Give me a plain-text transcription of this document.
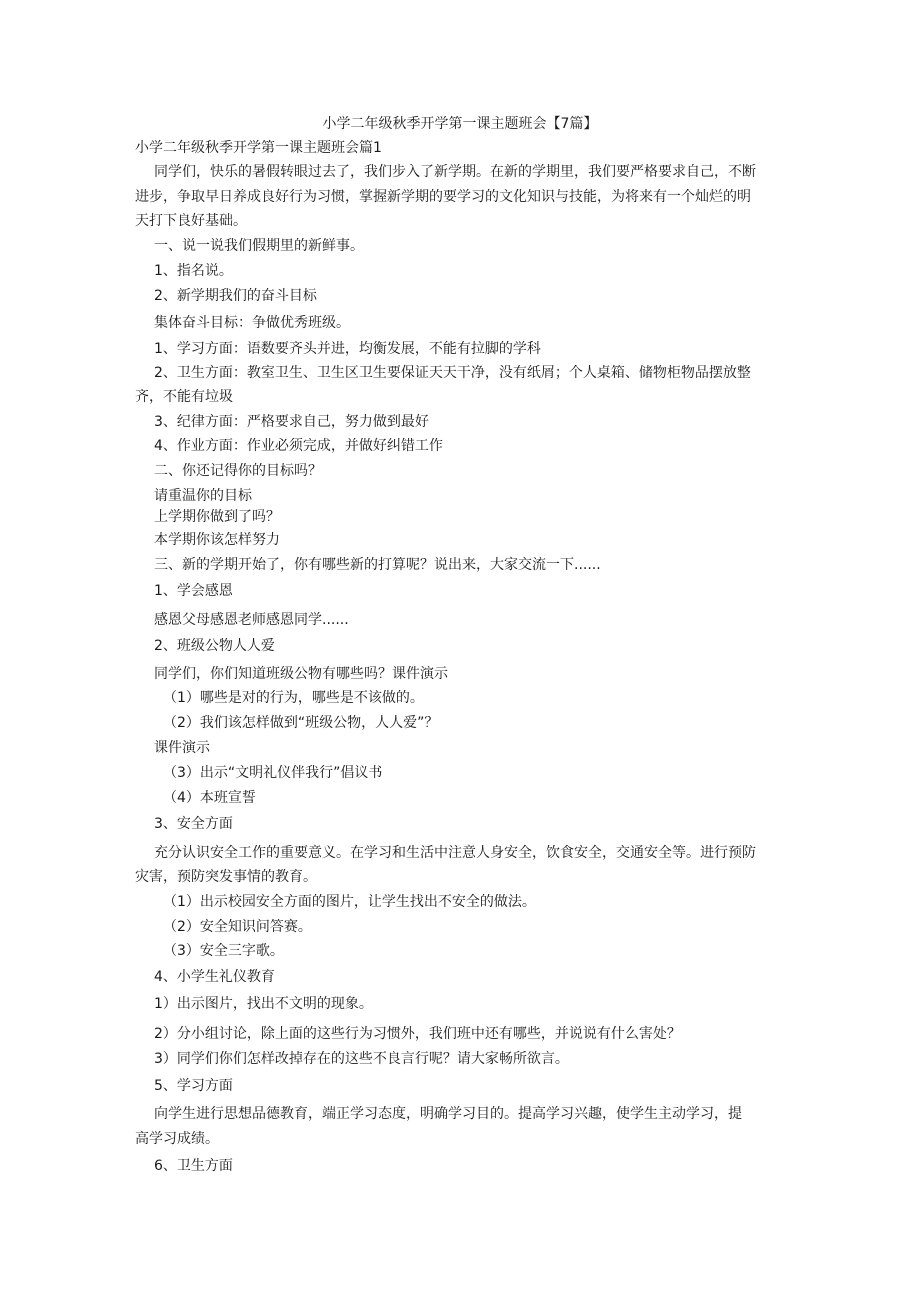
小学二年级秋季开学第一课主题班会【7篇】
小学二年级秋季开学第一课主题班会篇1
同学们，快乐的暑假转眼过去了，我们步入了新学期。在新的学期里，我们要严格要求自己，不断
进步，争取早日养成良好行为习惯，掌握新学期的要学习的文化知识与技能，为将来有一个灿烂的明
天打下良好基础。
一、说一说我们假期里的新鲜事。
1、指名说。
2、新学期我们的奋斗目标
集体奋斗目标：争做优秀班级。
1、学习方面：语数要齐头并进，均衡发展，不能有拉脚的学科
2、卫生方面：教室卫生、卫生区卫生要保证天天干净，没有纸屑；个人桌箱、储物柜物品摆放整
齐，不能有垃圾
3、纪律方面：严格要求自己，努力做到最好
4、作业方面：作业必须完成，并做好纠错工作
二、你还记得你的目标吗？
请重温你的目标
上学期你做到了吗？
本学期你该怎样努力
三、新的学期开始了，你有哪些新的打算呢？说出来，大家交流一下......
1、学会感恩
感恩父母感恩老师感恩同学......
2、班级公物人人爱
同学们，你们知道班级公物有哪些吗？课件演示
（1）哪些是对的行为，哪些是不该做的。
（2）我们该怎样做到“班级公物，人人爱”？
课件演示
（3）出示“文明礼仪伴我行”倡议书
（4）本班宣誓
3、安全方面
充分认识安全工作的重要意义。在学习和生活中注意人身安全，饮食安全，交通安全等。进行预防
灾害，预防突发事情的教育。
（1）出示校园安全方面的图片，让学生找出不安全的做法。
（2）安全知识问答赛。
（3）安全三字歌。
4、小学生礼仪教育
1）出示图片，找出不文明的现象。
2）分小组讨论，除上面的这些行为习惯外，我们班中还有哪些，并说说有什么害处？
3）同学们你们怎样改掉存在的这些不良言行呢？请大家畅所欲言。
5、学习方面
向学生进行思想品德教育，端正学习态度，明确学习目的。提高学习兴趣，使学生主动学习，提
高学习成绩。
6、卫生方面
